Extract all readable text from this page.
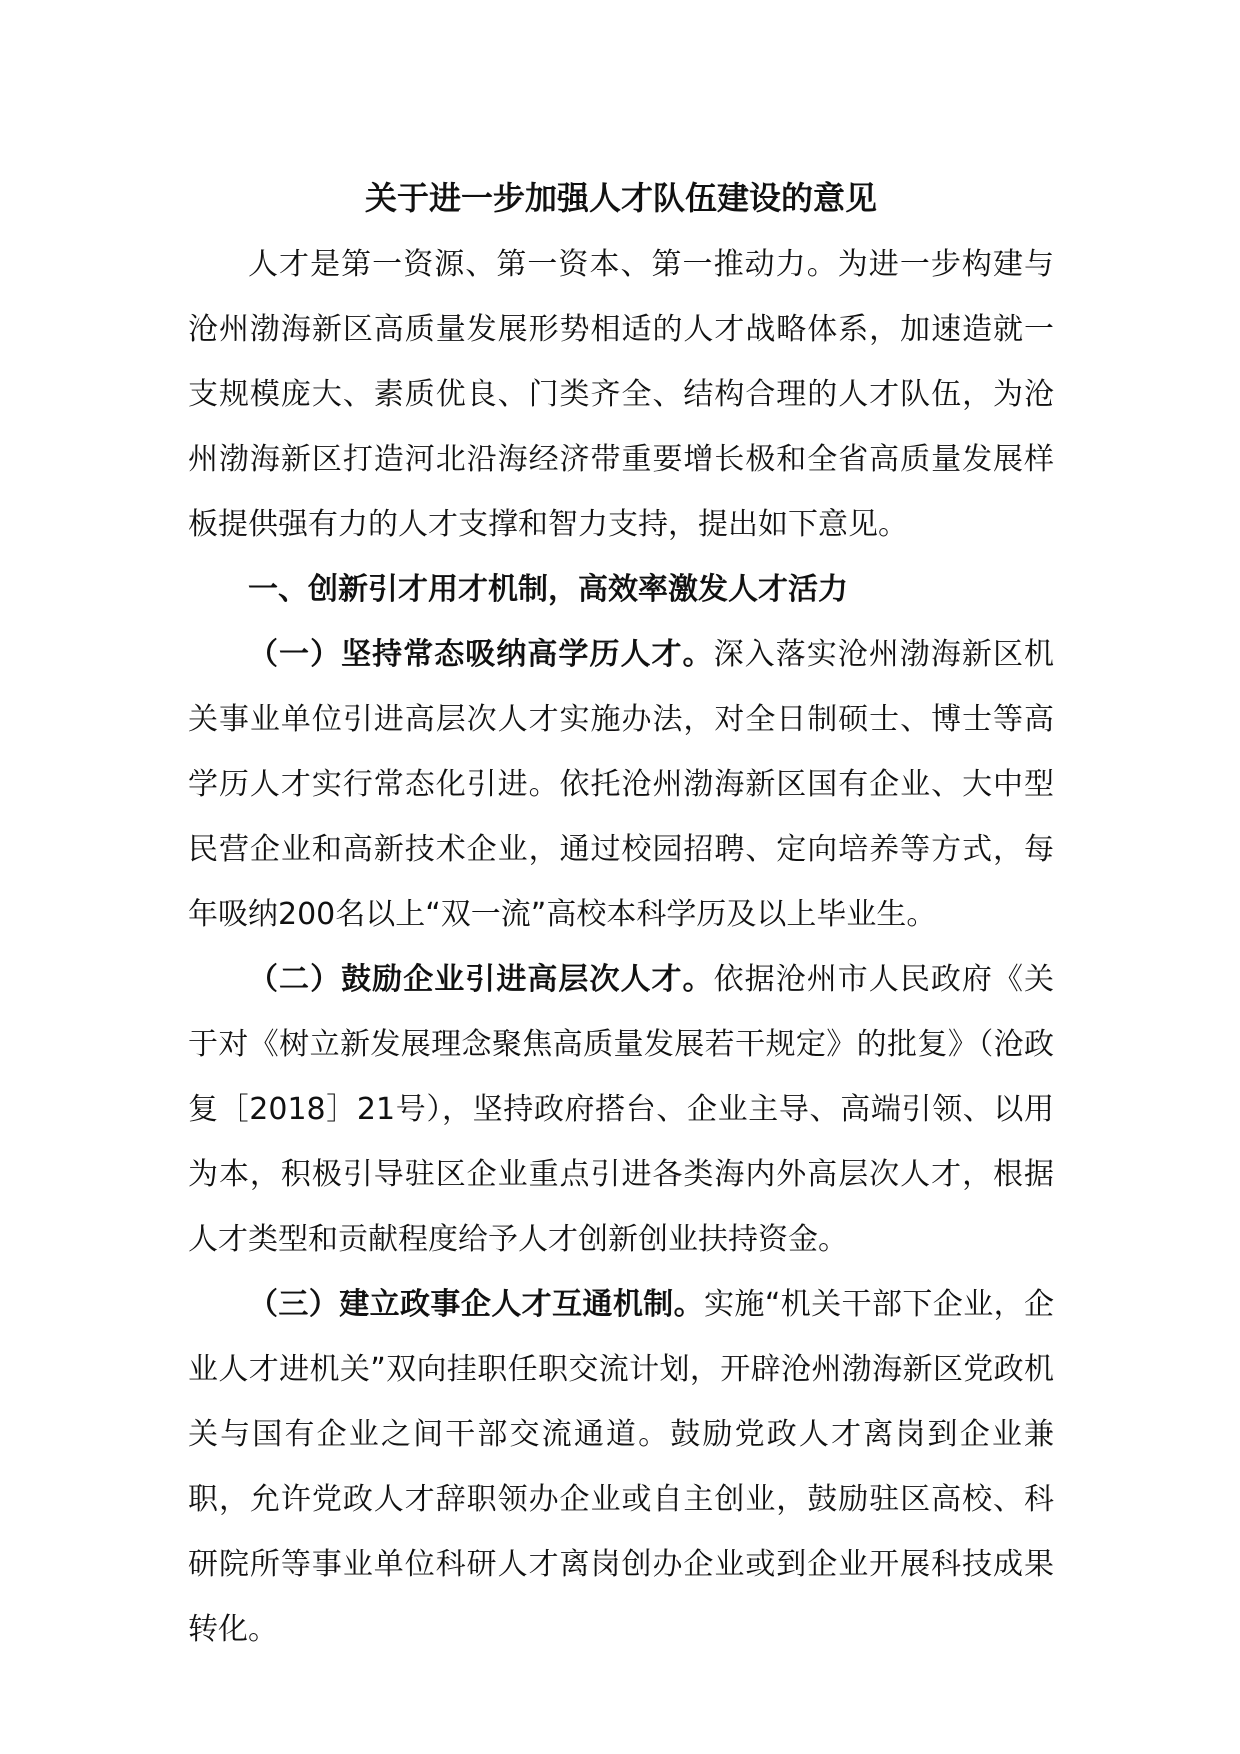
关于进一步加强人才队伍建设的意见

人才是第一资源、第一资本、第一推动力。为进一步构建与沧州渤海新区高质量发展形势相适的人才战略体系，加速造就一支规模庞大、素质优良、门类齐全、结构合理的人才队伍，为沧州渤海新区打造河北沿海经济带重要增长极和全省高质量发展样板提供强有力的人才支撑和智力支持，提出如下意见。

一、创新引才用才机制，高效率激发人才活力

（一）坚持常态吸纳高学历人才。深入落实沧州渤海新区机关事业单位引进高层次人才实施办法，对全日制硕士、博士等高学历人才实行常态化引进。依托沧州渤海新区国有企业、大中型民营企业和高新技术企业，通过校园招聘、定向培养等方式，每年吸纳200名以上“双一流”高校本科学历及以上毕业生。

（二）鼓励企业引进高层次人才。依据沧州市人民政府《关于对《树立新发展理念聚焦高质量发展若干规定》的批复》（沧政复［2018］21号），坚持政府搭台、企业主导、高端引领、以用为本，积极引导驻区企业重点引进各类海内外高层次人才，根据人才类型和贡献程度给予人才创新创业扶持资金。

（三）建立政事企人才互通机制。实施“机关干部下企业，企业人才进机关”双向挂职任职交流计划，开辟沧州渤海新区党政机关与国有企业之间干部交流通道。鼓励党政人才离岗到企业兼职，允许党政人才辞职领办企业或自主创业，鼓励驻区高校、科研院所等事业单位科研人才离岗创办企业或到企业开展科技成果转化。
